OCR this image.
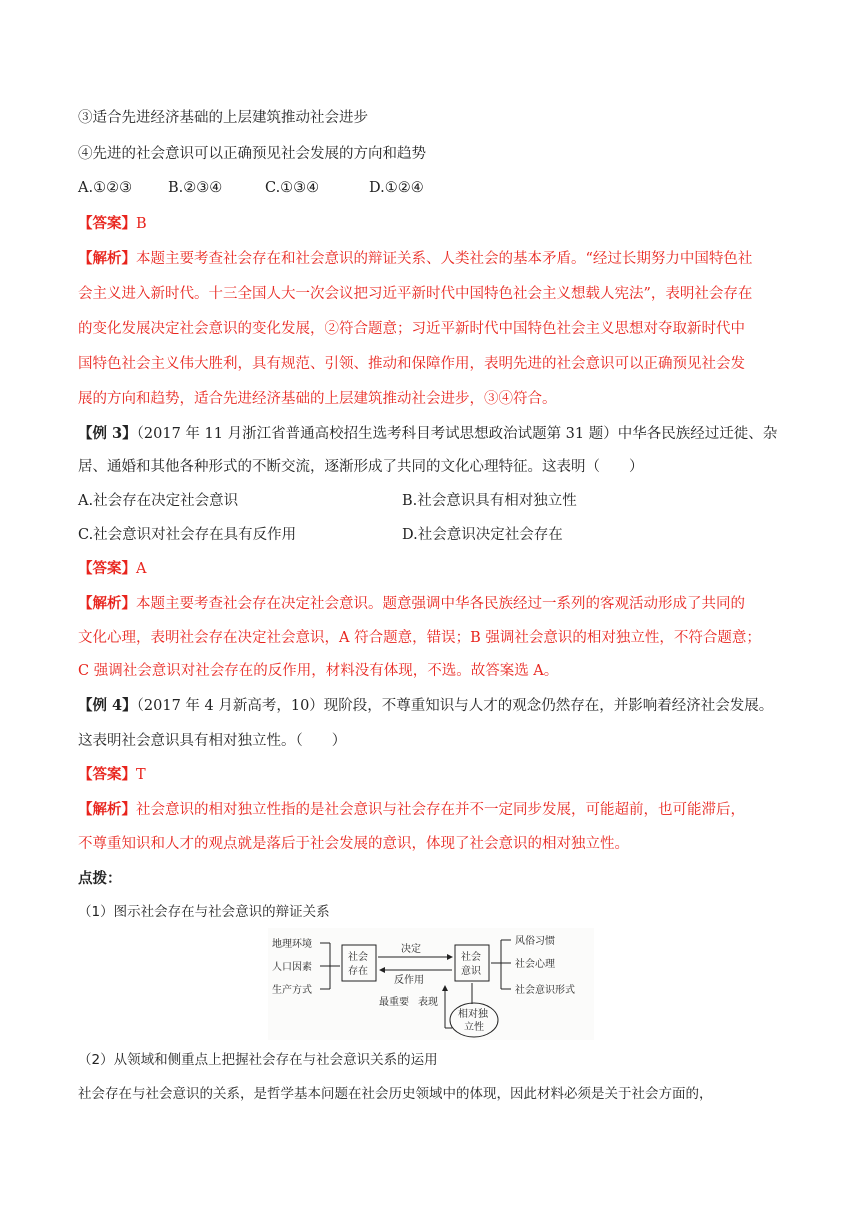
③适合先进经济基础的上层建筑推动社会进步
④先进的社会意识可以正确预见社会发展的方向和趋势
A.①②③ B.②③④	C.①③④	D.①②④
【答案】B
【解析】本题主要考查社会存在和社会意识的辩证关系、人类社会的基本矛盾。“经过长期努力中国特色社
会主义进入新时代。十三全国人大一次会议把习近平新时代中国特色社会主义想载人宪法”，表明社会存在
的变化发展决定社会意识的变化发展，②符合题意；习近平新时代中国特色社会主义思想对夺取新时代中
国特色社会主义伟大胜利，具有规范、引领、推动和保障作用，表明先进的社会意识可以正确预见社会发
展的方向和趋势，适合先进经济基础的上层建筑推动社会进步，③④符合。
【例 3】（2017 年 11 月浙江省普通高校招生选考科目考试思想政治试题第 31 题）中华各民族经过迁徙、杂
居、通婚和其他各种形式的不断交流，逐渐形成了共同的文化心理特征。这表明（　　）
A.社会存在决定社会意识	B.社会意识具有相对独立性
C.社会意识对社会存在具有反作用	D.社会意识决定社会存在
【答案】A
【解析】本题主要考查社会存在决定社会意识。题意强调中华各民族经过一系列的客观活动形成了共同的
文化心理，表明社会存在决定社会意识，A 符合题意，错误；B 强调社会意识的相对独立性，不符合题意；
C 强调社会意识对社会存在的反作用，材料没有体现，不选。故答案选 A。
【例 4】（2017 年 4 月新高考，10）现阶段，不尊重知识与人才的观念仍然存在，并影响着经济社会发展。
这表明社会意识具有相对独立性。（　　）
【答案】T
【解析】社会意识的相对独立性指的是社会意识与社会存在并不一定同步发展，可能超前，也可能滞后，
不尊重知识和人才的观点就是落后于社会发展的意识，体现了社会意识的相对独立性。
点拨：
（1）图示社会存在与社会意识的辩证关系
地理环境
人口因素
生产方式
社会
存在
决定
反作用
社会
意识
风俗习惯
社会心理
社会意识形式
最重要 表现
相对独
立性
（2）从领域和侧重点上把握社会存在与社会意识关系的运用
社会存在与社会意识的关系，是哲学基本问题在社会历史领域中的体现，因此材料必须是关于社会方面的，
